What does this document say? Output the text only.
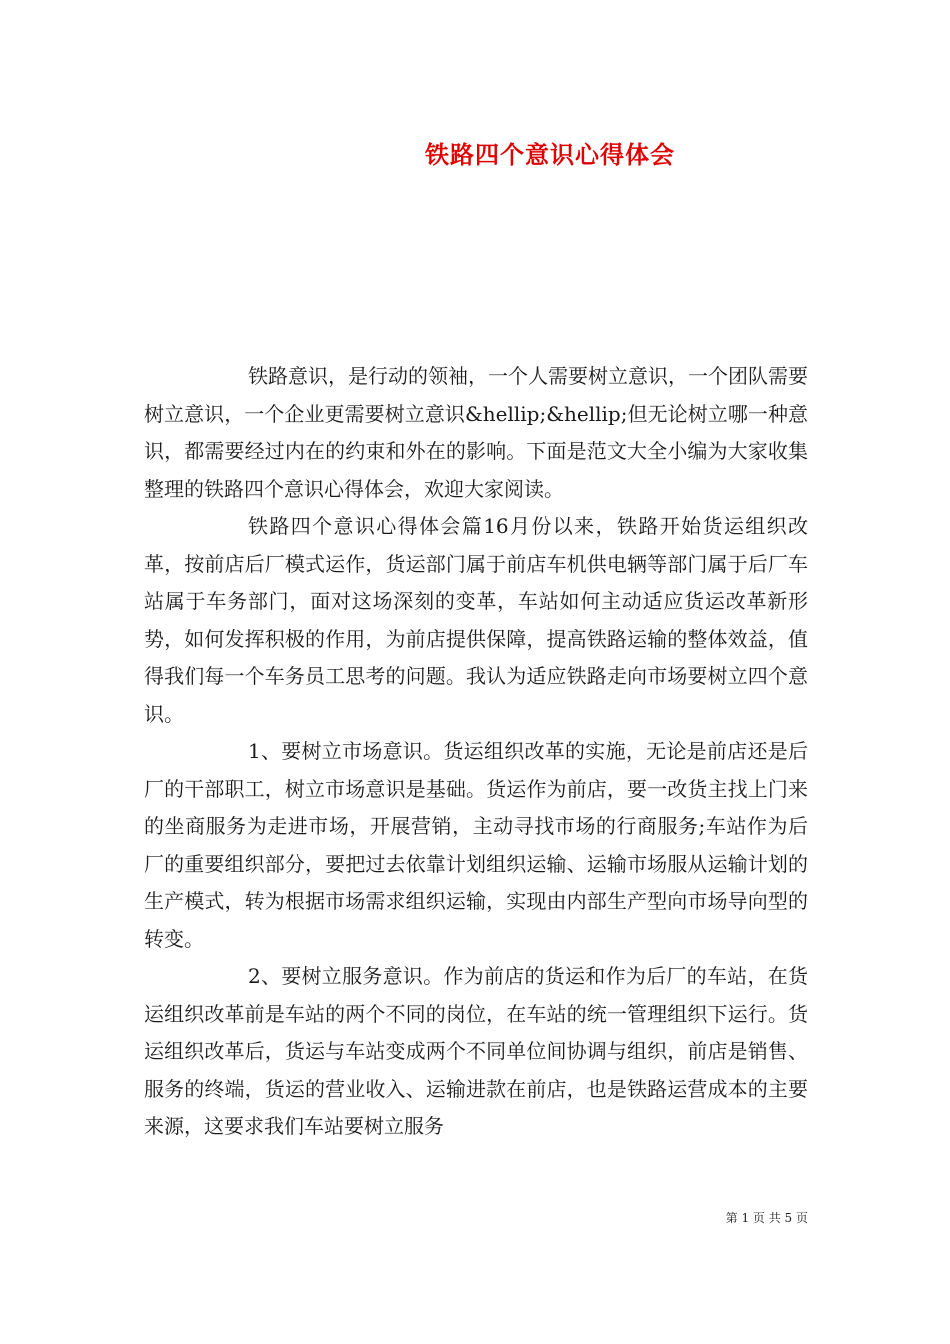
铁路四个意识心得体会

铁路意识，是行动的领袖，一个人需要树立意识，一个团队需要树立意识，一个企业更需要树立意识&hellip;&hellip;但无论树立哪一种意识，都需要经过内在的约束和外在的影响。下面是范文大全小编为大家收集整理的铁路四个意识心得体会，欢迎大家阅读。

铁路四个意识心得体会篇16月份以来，铁路开始货运组织改革，按前店后厂模式运作，货运部门属于前店车机供电辆等部门属于后厂车站属于车务部门，面对这场深刻的变革，车站如何主动适应货运改革新形势，如何发挥积极的作用，为前店提供保障，提高铁路运输的整体效益，值得我们每一个车务员工思考的问题。我认为适应铁路走向市场要树立四个意识。

1、要树立市场意识。货运组织改革的实施，无论是前店还是后厂的干部职工，树立市场意识是基础。货运作为前店，要一改货主找上门来的坐商服务为走进市场，开展营销，主动寻找市场的行商服务;车站作为后厂的重要组织部分，要把过去依靠计划组织运输、运输市场服从运输计划的生产模式，转为根据市场需求组织运输，实现由内部生产型向市场导向型的转变。

2、要树立服务意识。作为前店的货运和作为后厂的车站，在货运组织改革前是车站的两个不同的岗位，在车站的统一管理组织下运行。货运组织改革后，货运与车站变成两个不同单位间协调与组织，前店是销售、服务的终端，货运的营业收入、运输进款在前店，也是铁路运营成本的主要来源，这要求我们车站要树立服务

第 1 页 共 5 页
